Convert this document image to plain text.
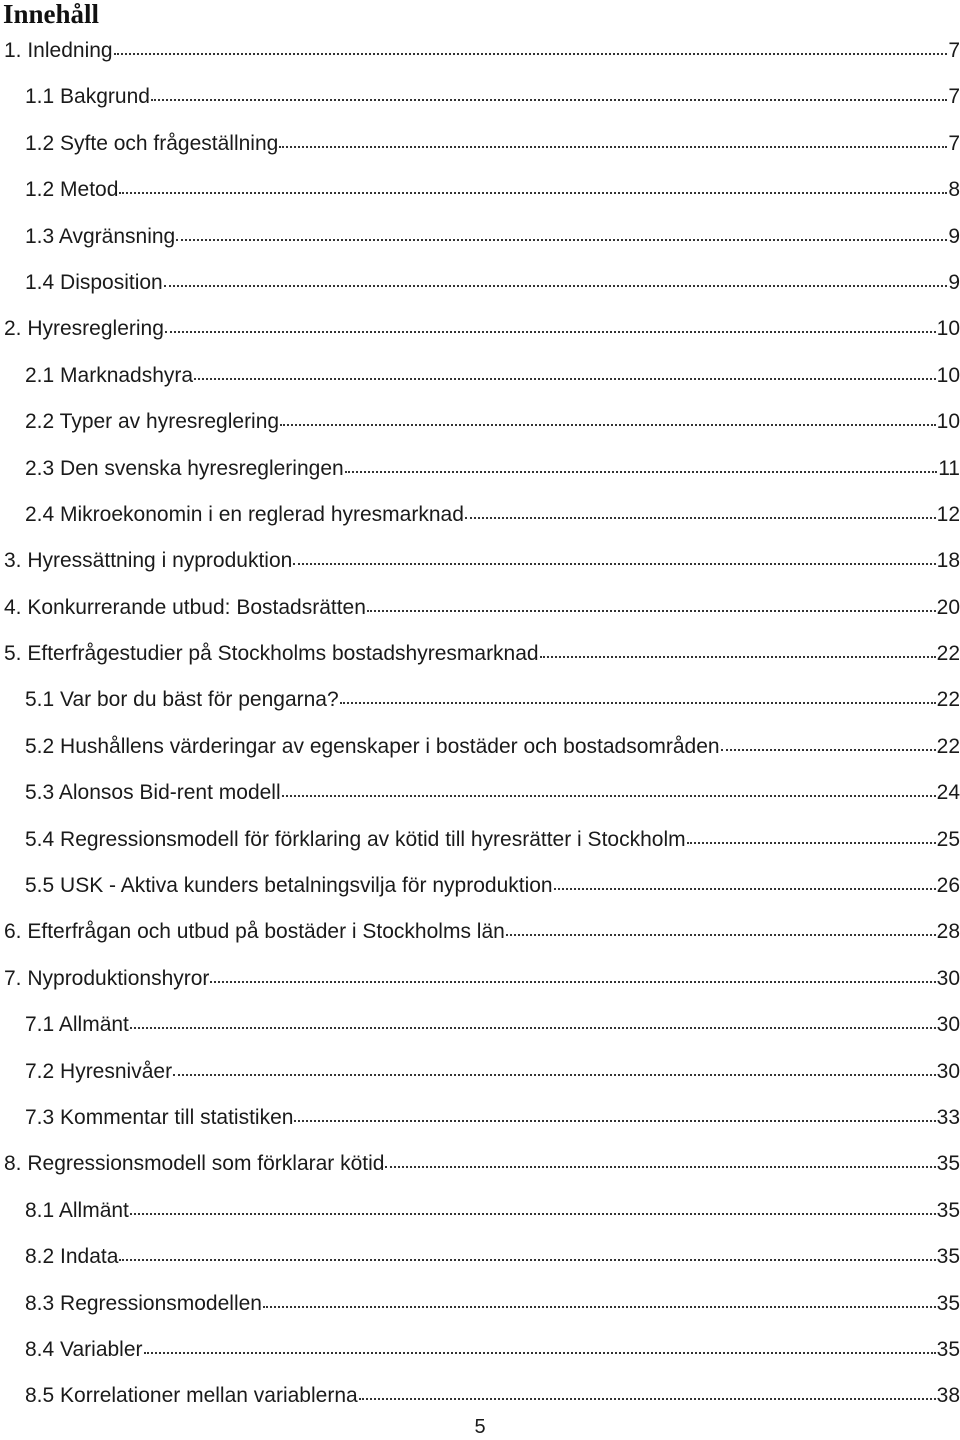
Innehåll
1. Inledning	7
1.1 Bakgrund	7
1.2 Syfte och frågeställning	7
1.2 Metod	8
1.3 Avgränsning	9
1.4 Disposition	9
2. Hyresreglering	10
2.1 Marknadshyra	10
2.2 Typer av hyresreglering	10
2.3 Den svenska hyresregleringen	11
2.4 Mikroekonomin i en reglerad hyresmarknad	12
3. Hyressättning i nyproduktion	18
4. Konkurrerande utbud: Bostadsrätten	20
5. Efterfrågestudier på Stockholms bostadshyresmarknad	22
5.1 Var bor du bäst för pengarna?	22
5.2 Hushållens värderingar av egenskaper i bostäder och bostadsområden	22
5.3 Alonsos Bid-rent modell	24
5.4 Regressionsmodell för förklaring av kötid till hyresrätter i Stockholm	25
5.5 USK - Aktiva kunders betalningsvilja för nyproduktion	26
6. Efterfrågan och utbud på bostäder i Stockholms län	28
7. Nyproduktionshyror	30
7.1 Allmänt	30
7.2 Hyresnivåer	30
7.3 Kommentar till statistiken	33
8. Regressionsmodell som förklarar kötid	35
8.1 Allmänt	35
8.2 Indata	35
8.3 Regressionsmodellen	35
8.4 Variabler	35
8.5 Korrelationer mellan variablerna	38

5
